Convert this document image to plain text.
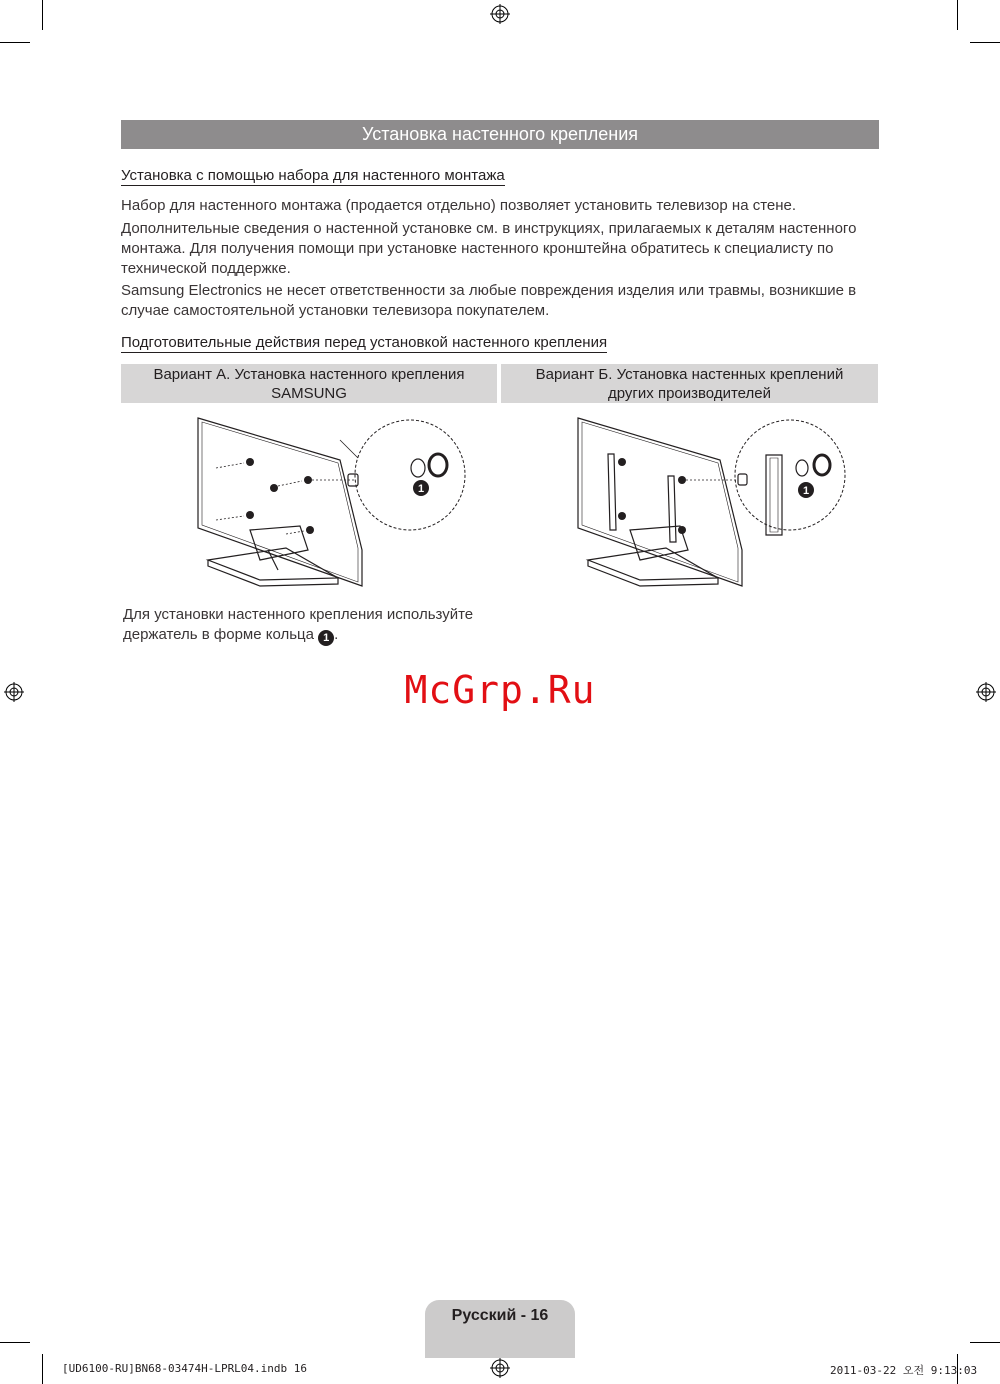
Установка настенного крепления
Установка с помощью набора для настенного монтажа

Набор для настенного монтажа (продается отдельно) позволяет установить телевизор на стене.

Дополнительные сведения о настенной установке см. в инструкциях, прилагаемых к деталям настенного
монтажа. Для получения помощи при установке настенного кронштейна обратитесь к специалисту по
технической поддержке.
Samsung Electronics не несет ответственности за любые повреждения изделия или травмы, возникшие в
случае самостоятельной установки телевизора покупателем.
Подготовительные действия перед установкой настенного крепления
Вариант А. Установка настенного крепления
SAMSUNG
Вариант Б. Установка настенных креплений
других производителей
1	1
Для установки настенного крепления используйте
держатель в форме кольца 1 .
McGrp.Ru
Русский - 16
[UD6100-RU]BN68-03474H-LPRL04.indb 16	2011-03-22 오전 9:13:03
